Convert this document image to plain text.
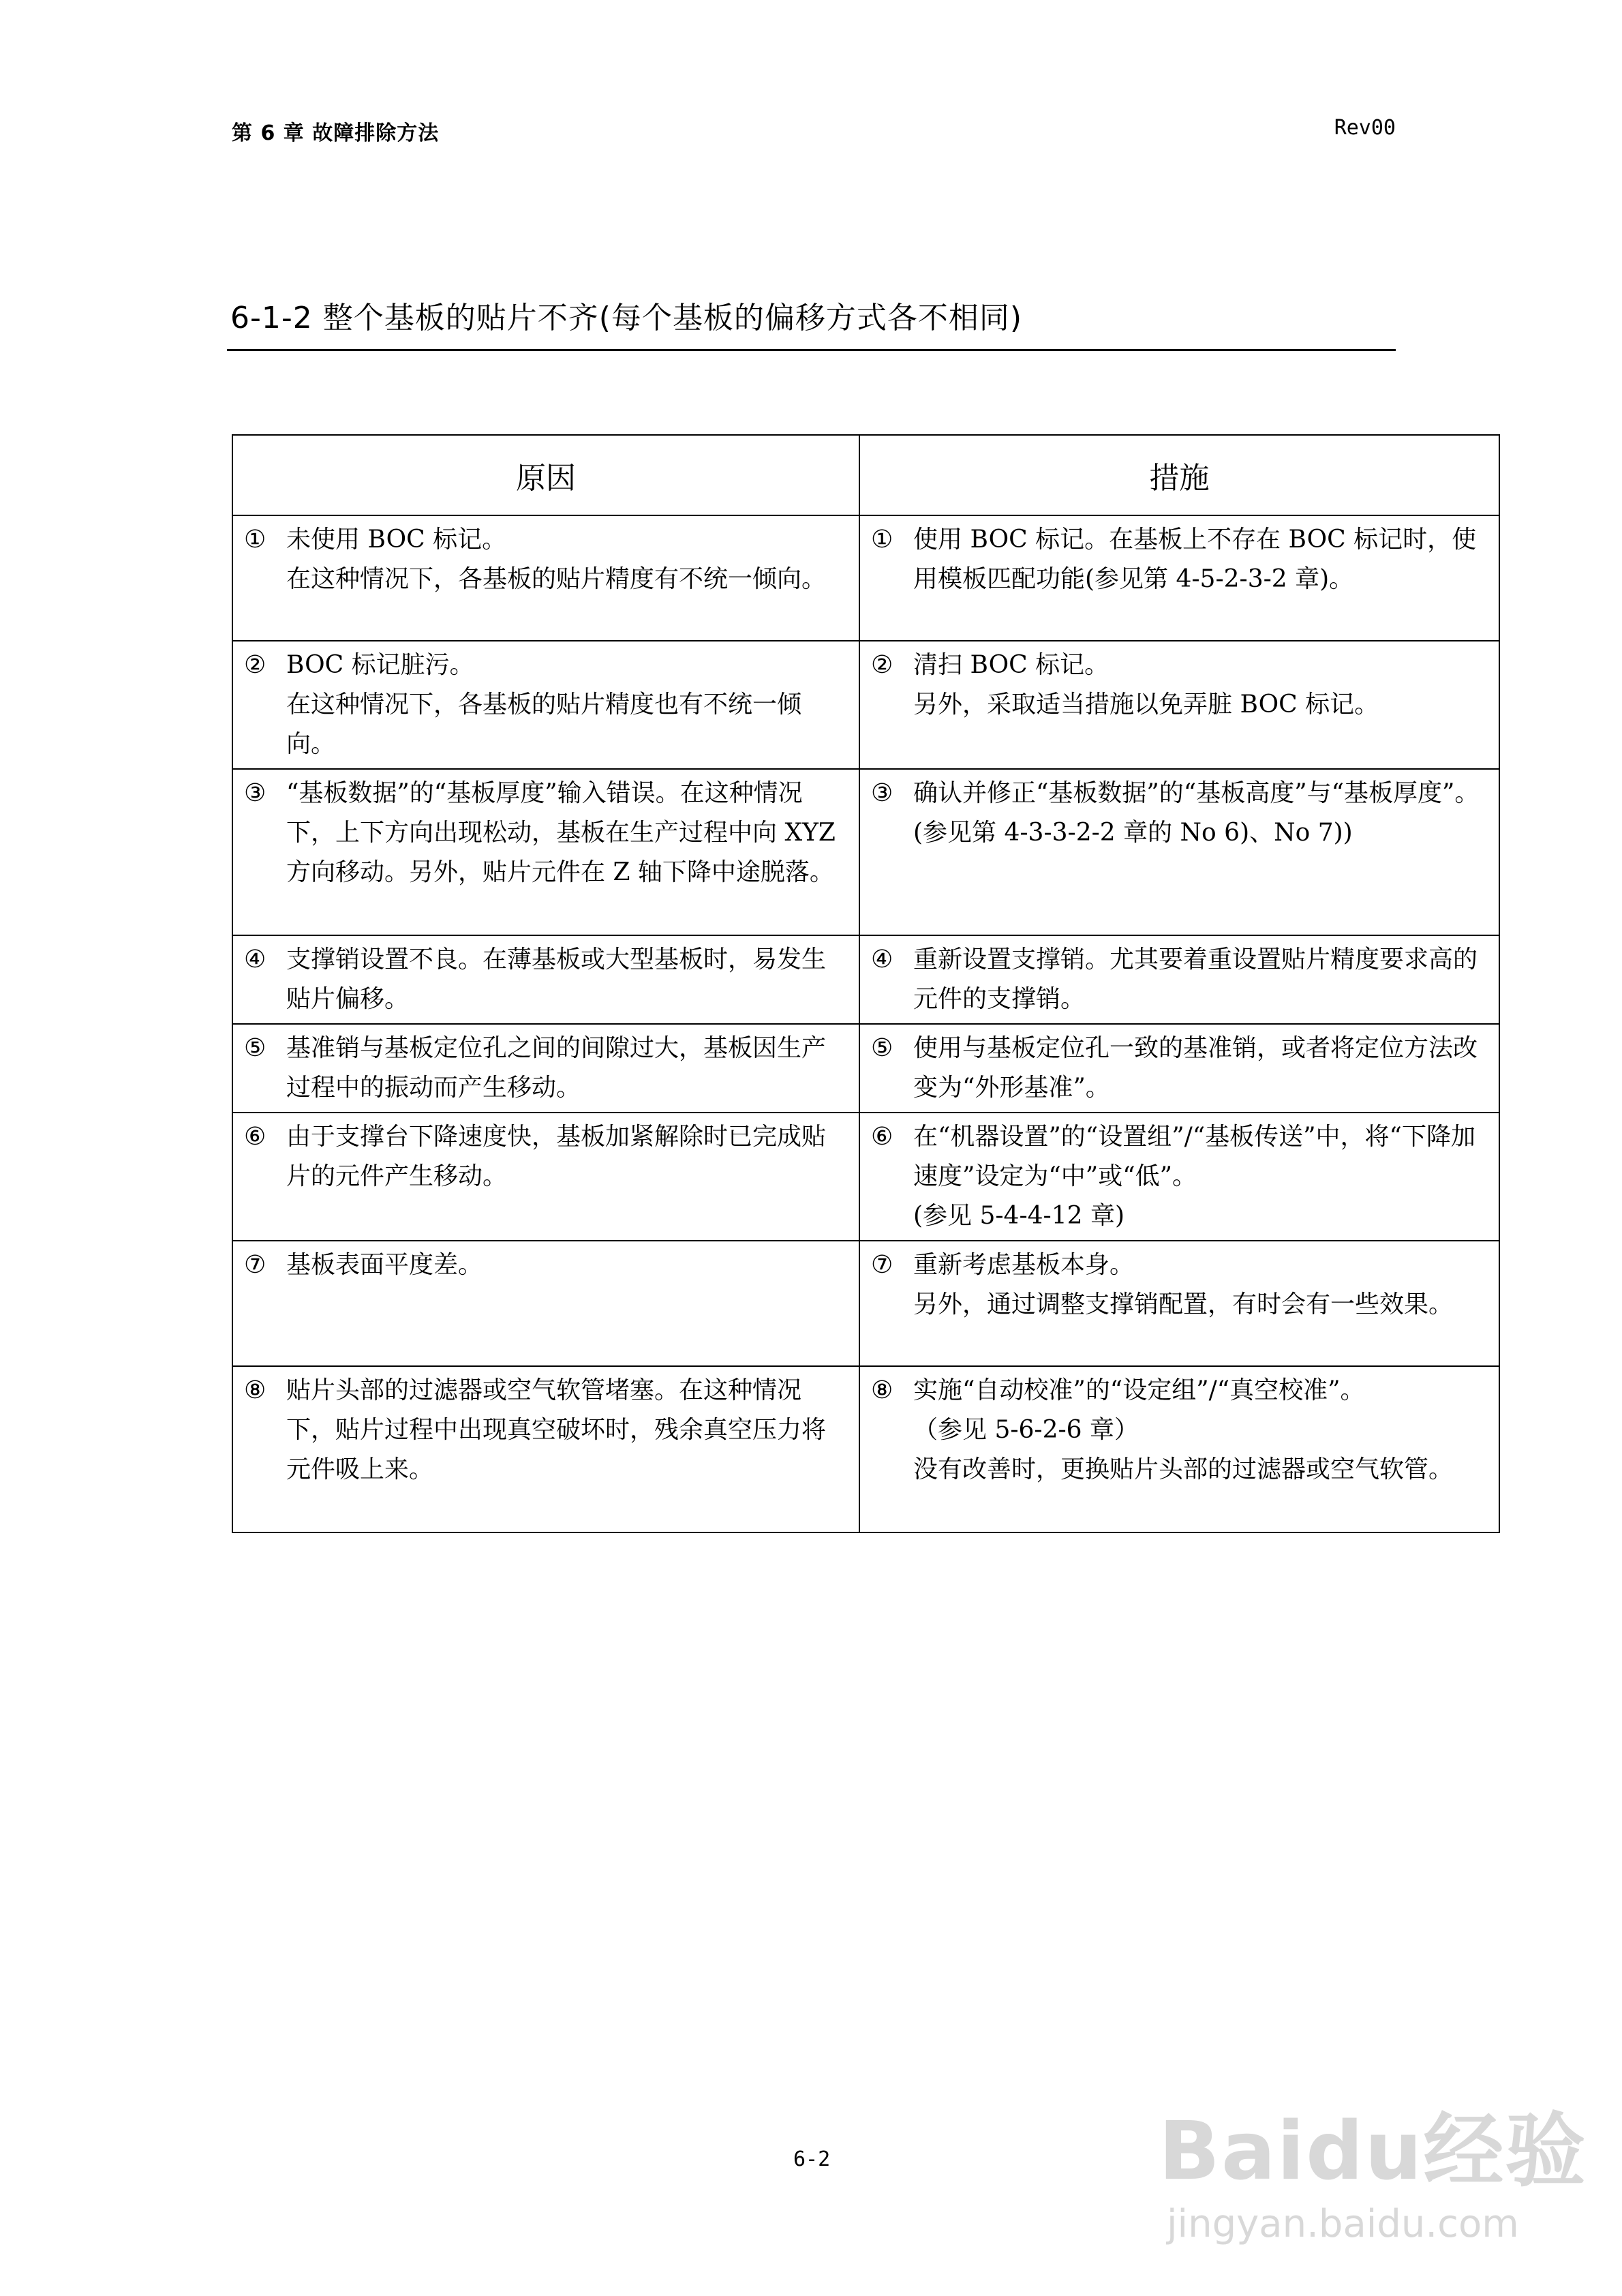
第 6 章 故障排除方法	Rev00
6-1-2 整个基板的贴片不齐(每个基板的偏移方式各不相同)
原因	措施

① 未使用 BOC 标记。
在这种情况下，各基板的贴片精度有不统一倾向。	① 使用 BOC 标记。在基板上不存在 BOC 标记时，使用模板匹配功能(参见第 4-5-2-3-2 章)。

② BOC 标记脏污。
在这种情况下，各基板的贴片精度也有不统一倾向。	② 清扫 BOC 标记。
另外，采取适当措施以免弄脏 BOC 标记。

③ “基板数据”的“基板厚度”输入错误。在这种情况下，上下方向出现松动，基板在生产过程中向 XYZ 方向移动。另外，贴片元件在 Z 轴下降中途脱落。	③ 确认并修正“基板数据”的“基板高度”与“基板厚度”。
(参见第 4-3-3-2-2 章的 No 6)、No 7))

④ 支撑销设置不良。在薄基板或大型基板时，易发生贴片偏移。	④ 重新设置支撑销。尤其要着重设置贴片精度要求高的元件的支撑销。

⑤ 基准销与基板定位孔之间的间隙过大，基板因生产过程中的振动而产生移动。	⑤ 使用与基板定位孔一致的基准销，或者将定位方法改变为“外形基准”。

⑥ 由于支撑台下降速度快，基板加紧解除时已完成贴片的元件产生移动。	⑥ 在“机器设置”的“设置组”/“基板传送”中，将“下降加速度”设定为“中”或“低”。
(参见 5-4-4-12 章)

⑦ 基板表面平度差。	⑦ 重新考虑基板本身。
另外，通过调整支撑销配置，有时会有一些效果。

⑧ 贴片头部的过滤器或空气软管堵塞。在这种情况下，贴片过程中出现真空破坏时，残余真空压力将元件吸上来。	⑧ 实施“自动校准”的“设定组”/“真空校准”。
（参见 5-6-2-6 章）
没有改善时，更换贴片头部的过滤器或空气软管。
6-2	Baidu经验
jingyan.baidu.com
